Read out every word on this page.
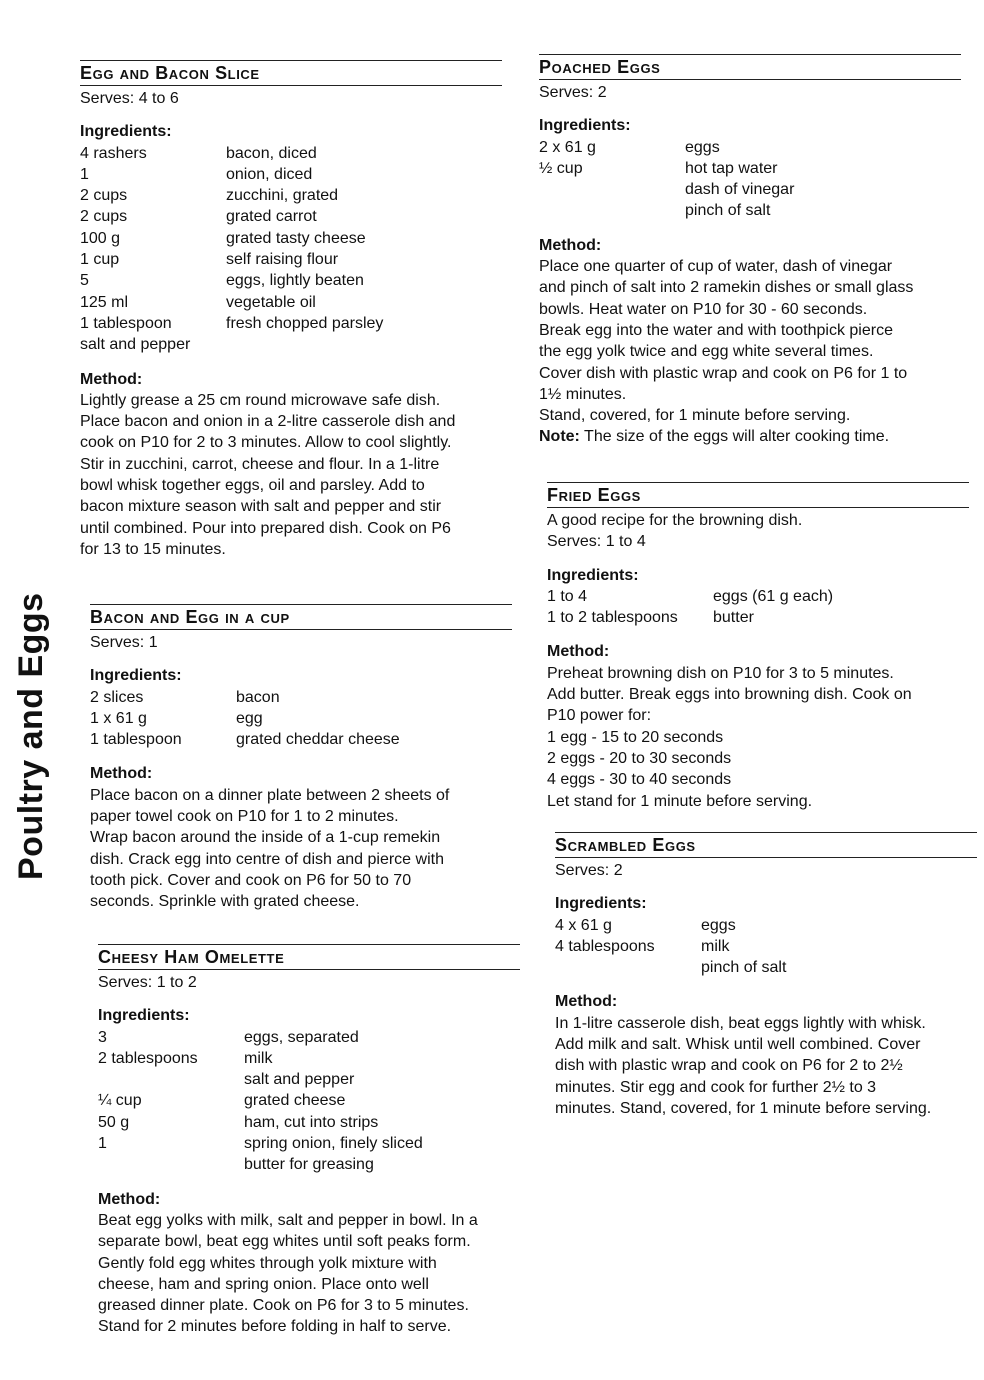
Poultry and Eggs
Egg and Bacon Slice
Serves: 4 to 6
Ingredients:
4 rashers	bacon, diced
1	onion, diced
2 cups	zucchini, grated
2 cups	grated carrot
100 g	grated tasty cheese
1 cup	self raising flour
5	eggs, lightly beaten
125 ml	vegetable oil
1 tablespoon	fresh chopped parsley
salt and pepper
Method:
Lightly grease a 25 cm round microwave safe dish.
Place bacon and onion in a 2-litre casserole dish and
cook on P10 for 2 to 3 minutes. Allow to cool slightly.
Stir in zucchini, carrot, cheese and flour. In a 1-litre
bowl whisk together eggs, oil and parsley. Add to
bacon mixture season with salt and pepper and stir
until combined. Pour into prepared dish. Cook on P6
for 13 to 15 minutes.
Bacon and Egg in a cup
Serves: 1
Ingredients:
2 slices	bacon
1 x 61 g	egg
1 tablespoon	grated cheddar cheese
Method:
Place bacon on a dinner plate between 2 sheets of
paper towel cook on P10 for 1 to 2 minutes.
Wrap bacon around the inside of a 1-cup remekin
dish. Crack egg into centre of dish and pierce with
tooth pick. Cover and cook on P6 for 50 to 70
seconds. Sprinkle with grated cheese.
Cheesy Ham Omelette
Serves: 1 to 2
Ingredients:
3	eggs, separated
2 tablespoons	milk
salt and pepper
¼ cup	grated cheese
50 g	ham, cut into strips
1	spring onion, finely sliced
butter for greasing
Method:
Beat egg yolks with milk, salt and pepper in bowl. In a
separate bowl, beat egg whites until soft peaks form.
Gently fold egg whites through yolk mixture with
cheese, ham and spring onion. Place onto well
greased dinner plate. Cook on P6 for 3 to 5 minutes.
Stand for 2 minutes before folding in half to serve.
Poached Eggs
Serves: 2
Ingredients:
2 x 61 g	eggs
½ cup	hot tap water
dash of vinegar
pinch of salt
Method:
Place one quarter of cup of water, dash of vinegar
and pinch of salt into 2 ramekin dishes or small glass
bowls. Heat water on P10 for 30 - 60 seconds.
Break egg into the water and with toothpick pierce
the egg yolk twice and egg white several times.
Cover dish with plastic wrap and cook on P6 for 1 to
1½ minutes.
Stand, covered, for 1 minute before serving.
Note: The size of the eggs will alter cooking time.
Fried Eggs
A good recipe for the browning dish.
Serves: 1 to 4
Ingredients:
1 to 4	eggs (61 g each)
1 to 2 tablespoons	butter
Method:
Preheat browning dish on P10 for 3 to 5 minutes.
Add butter. Break eggs into browning dish. Cook on
P10 power for:
1 egg - 15 to 20 seconds
2 eggs - 20 to 30 seconds
4 eggs - 30 to 40 seconds
Let stand for 1 minute before serving.
Scrambled Eggs
Serves: 2
Ingredients:
4 x 61 g	eggs
4 tablespoons	milk
pinch of salt
Method:
In 1-litre casserole dish, beat eggs lightly with whisk.
Add milk and salt. Whisk until well combined. Cover
dish with plastic wrap and cook on P6 for 2 to 2½
minutes. Stir egg and cook for further 2½ to 3
minutes. Stand, covered, for 1 minute before serving.
